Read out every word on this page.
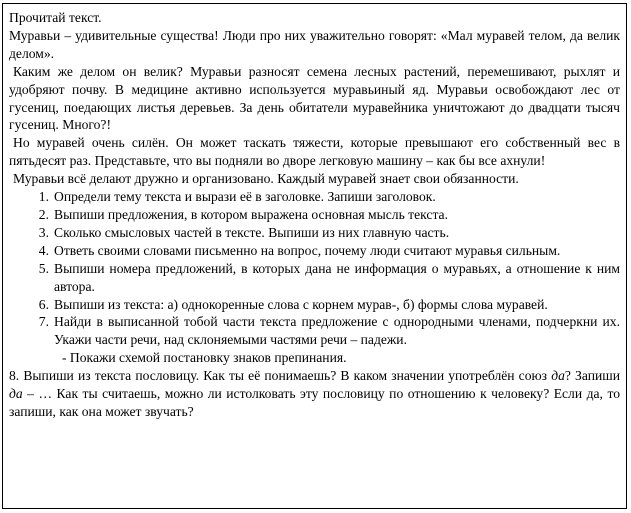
Прочитай текст.

Муравьи – удивительные существа! Люди про них уважительно говорят: «Мал муравей телом, да велик делом».

Каким же делом он велик? Муравьи разносят семена лесных растений, перемешивают, рыхлят и удобряют почву. В медицине активно используется муравьиный яд. Муравьи освобождают лес от гусениц, поедающих листья деревьев. За день обитатели муравейника уничтожают до двадцати тысяч гусениц. Много?!

Но муравей очень силён. Он может таскать тяжести, которые превышают его собственный вес в пятьдесят раз. Представьте, что вы подняли во дворе легковую машину – как бы все ахнули!

Муравьи всё делают дружно и организовано. Каждый муравей знает свои обязанности.

1. Определи тему текста и вырази её в заголовке. Запиши заголовок.
2. Выпиши предложения, в котором выражена основная мысль текста.
3. Сколько смысловых частей в тексте. Выпиши из них главную часть.
4. Ответь своими словами письменно на вопрос, почему люди считают муравья сильным.
5. Выпиши номера предложений, в которых дана не информация о муравьях, а отношение к ним автора.
6. Выпиши из текста: а) однокоренные слова с корнем мурав-, б) формы слова муравей.
7. Найди в выписанной тобой части текста предложение с однородными членами, подчеркни их. Укажи части речи, над склоняемыми частями речи – падежи.

- Покажи схемой постановку знаков препинания.

8. Выпиши из текста пословицу. Как ты её понимаешь? В каком значении употреблён союз да? Запиши да – … Как ты считаешь, можно ли истолковать эту пословицу по отношению к человеку? Если да, то запиши, как она может звучать?
